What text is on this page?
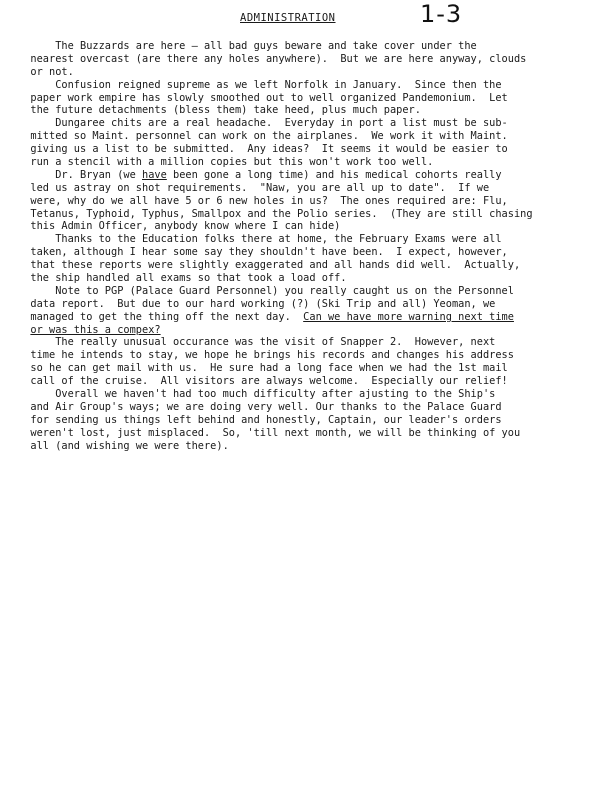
1-3
ADMINISTRATION
The Buzzards are here — all bad guys beware and take cover under the
nearest overcast (are there any holes anywhere).  But we are here anyway, clouds
or not.
Confusion reigned supreme as we left Norfolk in January.  Since then the
paper work empire has slowly smoothed out to well organized Pandemonium.  Let
the future detachments (bless them) take heed, plus much paper.
Dungaree chits are a real headache.  Everyday in port a list must be sub-
mitted so Maint. personnel can work on the airplanes.  We work it with Maint.
giving us a list to be submitted.  Any ideas?  It seems it would be easier to
run a stencil with a million copies but this won't work too well.
Dr. Bryan (we have been gone a long time) and his medical cohorts really
led us astray on shot requirements.  "Naw, you are all up to date".  If we
were, why do we all have 5 or 6 new holes in us?  The ones required are: Flu,
Tetanus, Typhoid, Typhus, Smallpox and the Polio series.  (They are still chasing
this Admin Officer, anybody know where I can hide)
Thanks to the Education folks there at home, the February Exams were all
taken, although I hear some say they shouldn't have been.  I expect, however,
that these reports were slightly exaggerated and all hands did well.  Actually,
the ship handled all exams so that took a load off.
Note to PGP (Palace Guard Personnel) you really caught us on the Personnel
data report.  But due to our hard working (?) (Ski Trip and all) Yeoman, we
managed to get the thing off the next day.  Can we have more warning next time
or was this a compex?
The really unusual occurance was the visit of Snapper 2.  However, next
time he intends to stay, we hope he brings his records and changes his address
so he can get mail with us.  He sure had a long face when we had the 1st mail
call of the cruise.  All visitors are always welcome.  Especially our relief!
Overall we haven't had too much difficulty after ajusting to the Ship's
and Air Group's ways; we are doing very well. Our thanks to the Palace Guard
for sending us things left behind and honestly, Captain, our leader's orders
weren't lost, just misplaced.  So, 'till next month, we will be thinking of you
all (and wishing we were there).
